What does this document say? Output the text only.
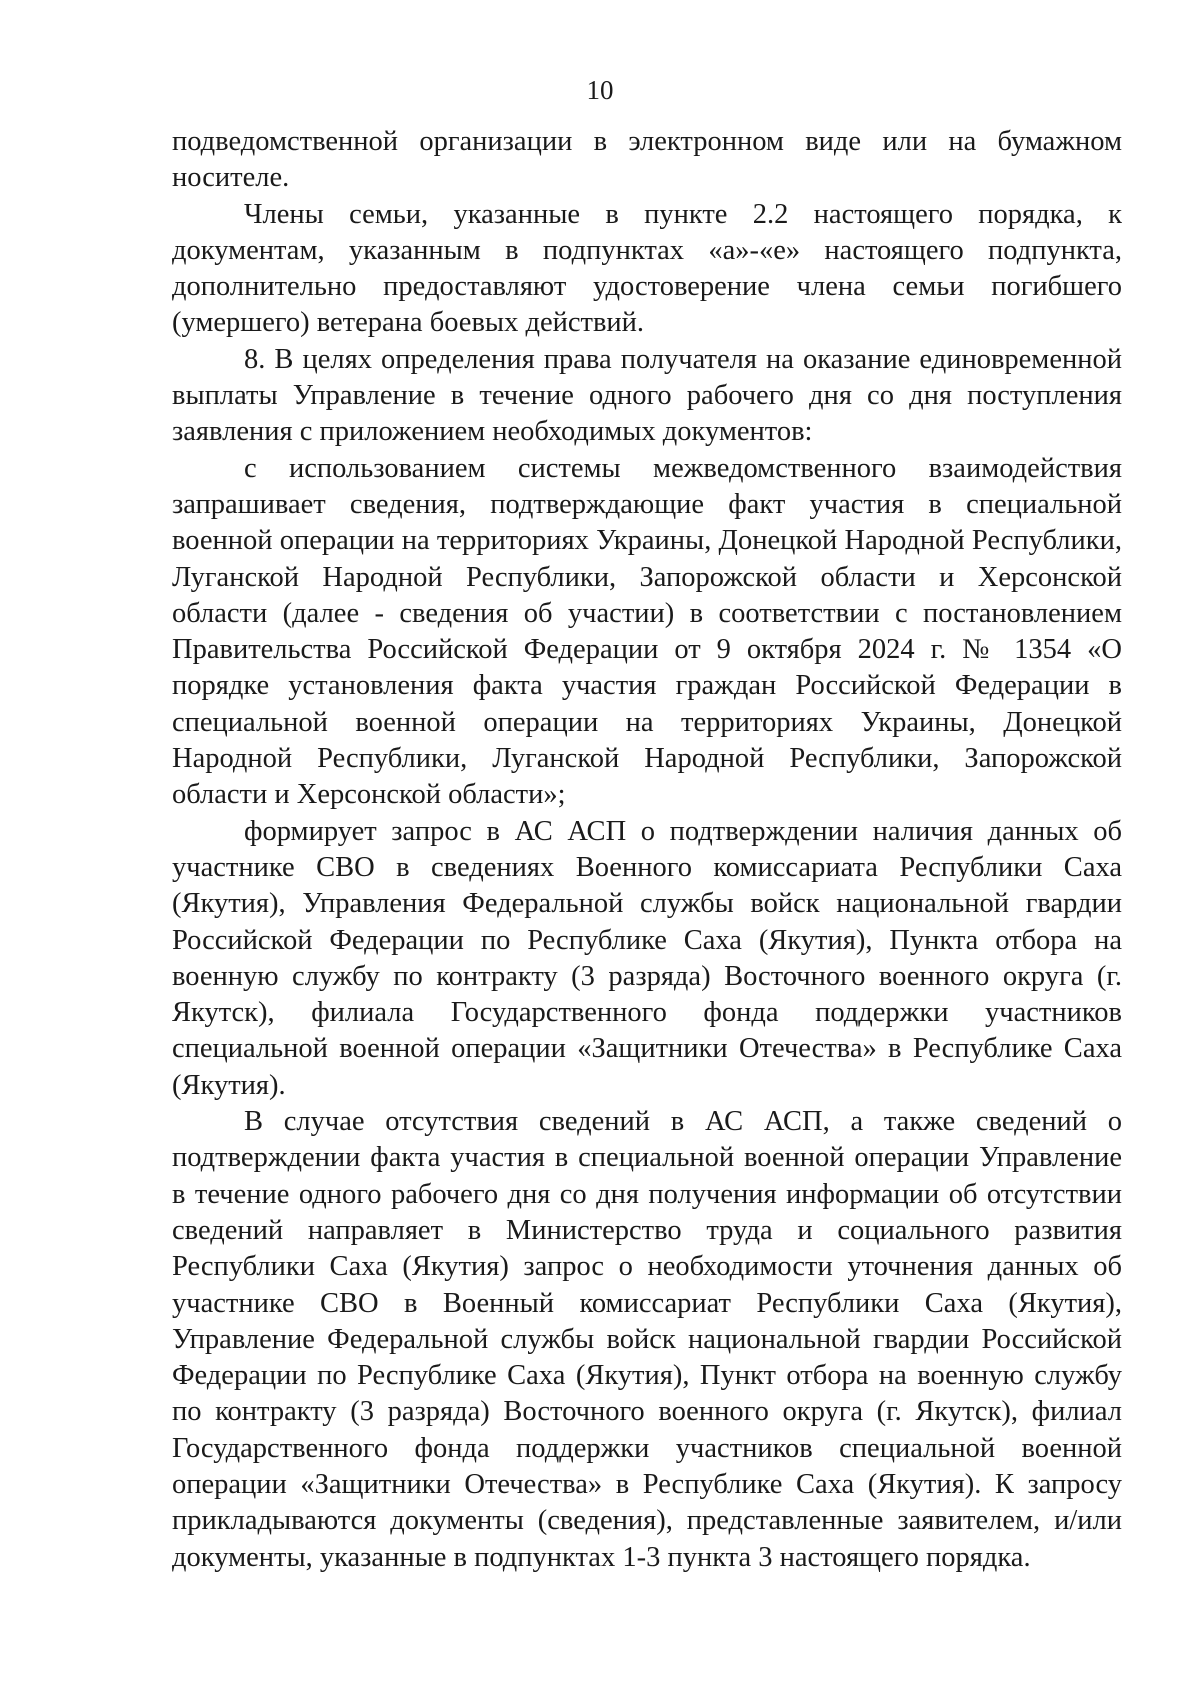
10

подведомственной организации в электронном виде или на бумажном носителе.

Члены семьи, указанные в пункте 2.2 настоящего порядка, к документам, указанным в подпунктах «а»-«е» настоящего подпункта, дополнительно предоставляют удостоверение члена семьи погибшего (умершего) ветерана боевых действий.

8. В целях определения права получателя на оказание единовременной выплаты Управление в течение одного рабочего дня со дня поступления заявления с приложением необходимых документов:

с использованием системы межведомственного взаимодействия запрашивает сведения, подтверждающие факт участия в специальной военной операции на территориях Украины, Донецкой Народной Республики, Луганской Народной Республики, Запорожской области и Херсонской области (далее - сведения об участии) в соответствии с постановлением Правительства Российской Федерации от 9 октября 2024 г. № 1354 «О порядке установления факта участия граждан Российской Федерации в специальной военной операции на территориях Украины, Донецкой Народной Республики, Луганской Народной Республики, Запорожской области и Херсонской области»;

формирует запрос в АС АСП о подтверждении наличия данных об участнике СВО в сведениях Военного комиссариата Республики Саха (Якутия), Управления Федеральной службы войск национальной гвардии Российской Федерации по Республике Саха (Якутия), Пункта отбора на военную службу по контракту (3 разряда) Восточного военного округа (г. Якутск), филиала Государственного фонда поддержки участников специальной военной операции «Защитники Отечества» в Республике Саха (Якутия).

В случае отсутствия сведений в АС АСП, а также сведений о подтверждении факта участия в специальной военной операции Управление в течение одного рабочего дня со дня получения информации об отсутствии сведений направляет в Министерство труда и социального развития Республики Саха (Якутия) запрос о необходимости уточнения данных об участнике СВО в Военный комиссариат Республики Саха (Якутия), Управление Федеральной службы войск национальной гвардии Российской Федерации по Республике Саха (Якутия), Пункт отбора на военную службу по контракту (3 разряда) Восточного военного округа (г. Якутск), филиал Государственного фонда поддержки участников специальной военной операции «Защитники Отечества» в Республике Саха (Якутия). К запросу прикладываются документы (сведения), представленные заявителем, и/или документы, указанные в подпунктах 1-3 пункта 3 настоящего порядка.
